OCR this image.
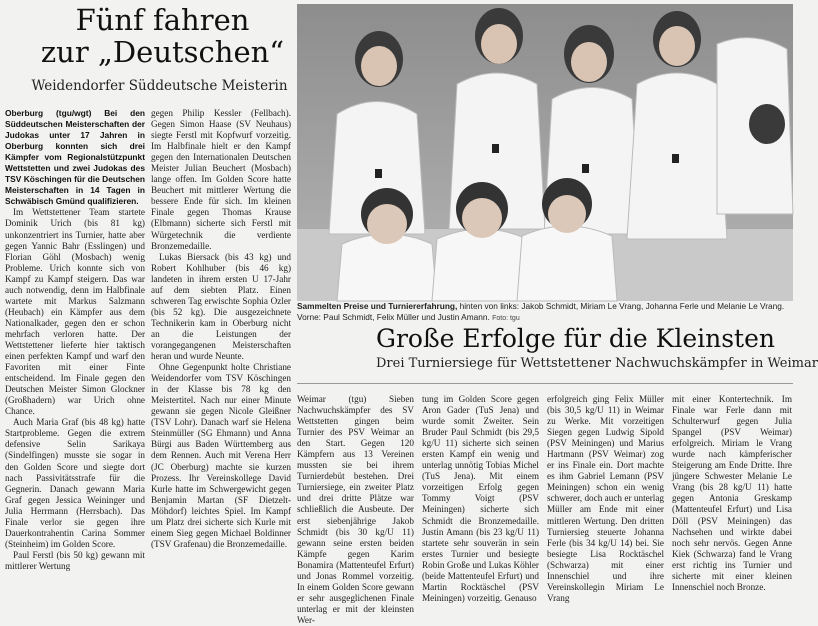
Fünf fahren
zur „Deutschen“
Weidendorfer Süddeutsche Meisterin
Oberburg (tgu/wgt) Bei den Süddeutschen Meisterschaften der Judokas unter 17 Jahren in Oberburg konnten sich drei Kämpfer vom Regionalstützpunkt Wettstetten und zwei Judokas des TSV Köschingen für die Deutschen Meisterschaften in 14 Tagen in Schwäbisch Gmünd qualifizieren.

Im Wettstettener Team startete Dominik Urich (bis 81 kg) unkonzentriert ins Turnier, hatte aber gegen Yannic Bahr (Esslingen) und Florian Göhl (Mosbach) wenig Probleme. Urich konnte sich von Kampf zu Kampf steigern. Das war auch notwendig, denn im Halbfinale wartete mit Markus Salzmann (Heubach) ein Kämpfer aus dem Nationalkader, gegen den er schon mehrfach verloren hatte. Der Wettstettener lieferte hier taktisch einen perfekten Kampf und warf den Favoriten mit einer Finte entscheidend. Im Finale gegen den Deutschen Meister Simon Glockner (Großhadern) war Urich ohne Chance.

Auch Maria Graf (bis 48 kg) hatte Startprobleme. Gegen die extrem defensive Selin Sarikaya (Sindelfingen) musste sie sogar in den Golden Score und siegte dort nach Passivitätsstrafe für die Gegnerin. Danach gewann Maria Graf gegen Jessica Weininger und Julia Herrmann (Herrsbach). Das Finale verlor sie gegen ihre Dauerkontrahentin Carina Sommer (Steinheim) im Golden Score.

Paul Ferstl (bis 50 kg) gewann mit mittlerer Wertung

gegen Philip Kessler (Fellbach). Gegen Simon Haase (SV Neuhaus) siegte Ferstl mit Kopfwurf vorzeitig. Im Halbfinale hielt er den Kampf gegen den Internationalen Deutschen Meister Julian Beuchert (Mosbach) lange offen. Im Golden Score hatte Beuchert mit mittlerer Wertung die bessere Ende für sich. Im kleinen Finale gegen Thomas Krause (Elbmann) sicherte sich Ferstl mit Würgetechnik die verdiente Bronzemedaille.

Lukas Biersack (bis 43 kg) und Robert Kohlhuber (bis 46 kg) landeten in ihrem ersten U 17-Jahr auf dem siebten Platz. Einen schweren Tag erwischte Sophia Ozler (bis 52 kg). Die ausgezeichnete Technikerin kam in Oberburg nicht an die Leistungen der vorangegangenen Meisterschaften heran und wurde Neunte.

Ohne Gegenpunkt holte Christiane Weidendorfer vom TSV Köschingen in der Klasse bis 78 kg den Meistertitel. Nach nur einer Minute gewann sie gegen Nicole Gleißner (TSV Lohr). Danach warf sie Helena Steinmüller (SG Ehmann) und Anna Bürgi aus Baden Württemberg aus dem Rennen. Auch mit Verena Herr (JC Oberburg) machte sie kurzen Prozess. Ihr Vereinskollege David Kurle hatte im Schwergewicht gegen Benjamin Martan (SF Dietzelt-Möhdorf) leichtes Spiel. Im Kampf um Platz drei sicherte sich Kurle mit einem Sieg gegen Michael Boldinner (TSV Grafenau) die Bronzemedaille.

Sammelten Preise und Turniererfahrung, hinten von links: Jakob Schmidt, Miriam Le Vrang, Johanna Ferle und Melanie Le Vrang. Vorne: Paul Schmidt, Felix Müller und Justin Amann. Foto: tgu
Große Erfolge für die Kleinsten
Drei Turniersiege für Wettstettener Nachwuchskämpfer in Weimar

Weimar (tgu) Sieben Nachwuchskämpfer des SV Wettstetten gingen beim Turnier des PSV Weimar an den Start. Gegen 120 Kämpfern aus 13 Vereinen mussten sie bei ihrem Turnierdebüt bestehen. Drei Turniersiege, ein zweiter Platz und drei dritte Plätze war schließlich die Ausbeute. Der erst siebenjährige Jakob Schmidt (bis 30 kg/U 11) gewann seine ersten beiden Kämpfe gegen Karim Bonamira (Mattenteufel Erfurt) und Jonas Rommel vorzeitig. In einem Golden Score gewann er sehr ausgeglichenen Finale unterlag er mit der kleinsten Wer-

tung im Golden Score gegen Aron Gader (TuS Jena) und wurde somit Zweiter. Sein Bruder Paul Schmidt (bis 29,5 kg/U 11) sicherte sich seinen ersten Kampf ein wenig und unterlag unnötig Tobias Michel (TuS Jena). Mit einem vorzeitigen Erfolg gegen Tommy Voigt (PSV Meiningen) sicherte sich Schmidt die Bronzemedaille. Justin Amann (bis 23 kg/U 11) startete sehr souverän in sein erstes Turnier und besiegte Robin Große und Lukas Köhler (beide Mattenteufel Erfurt) und Martin Rocktäschel (PSV Meiningen) vorzeitig. Genauso

erfolgreich ging Felix Müller (bis 30,5 kg/U 11) in Weimar zu Werke. Mit vorzeitigen Siegen gegen Ludwig Sipold (PSV Meiningen) und Marius Hartmann (PSV Weimar) zog er ins Finale ein. Dort machte es ihm Gabriel Lemann (PSV Meiningen) schon ein wenig schwerer, doch auch er unterlag Müller am Ende mit einer mittleren Wertung. Den dritten Turniersieg steuerte Johanna Ferle (bis 34 kg/U 14) bei. Sie besiegte Lisa Rocktäschel (Schwarza) mit einer Innenschiel und ihre Vereinskollegin Miriam Le Vrang

mit einer Kontertechnik. Im Finale war Ferle dann mit Schulterwurf gegen Julia Spangel (PSV Weimar) erfolgreich. Miriam le Vrang wurde nach kämpferischer Steigerung am Ende Dritte. Ihre jüngere Schwester Melanie Le Vrang (bis 28 kg/U 11) hatte gegen Antonia Greskamp (Mattenteufel Erfurt) und Lisa Döll (PSV Meiningen) das Nachsehen und wirkte dabei noch sehr nervös. Gegen Anne Kiek (Schwarza) fand le Vrang erst richtig ins Turnier und sicherte mit einer kleinen Innenschiel noch Bronze.
